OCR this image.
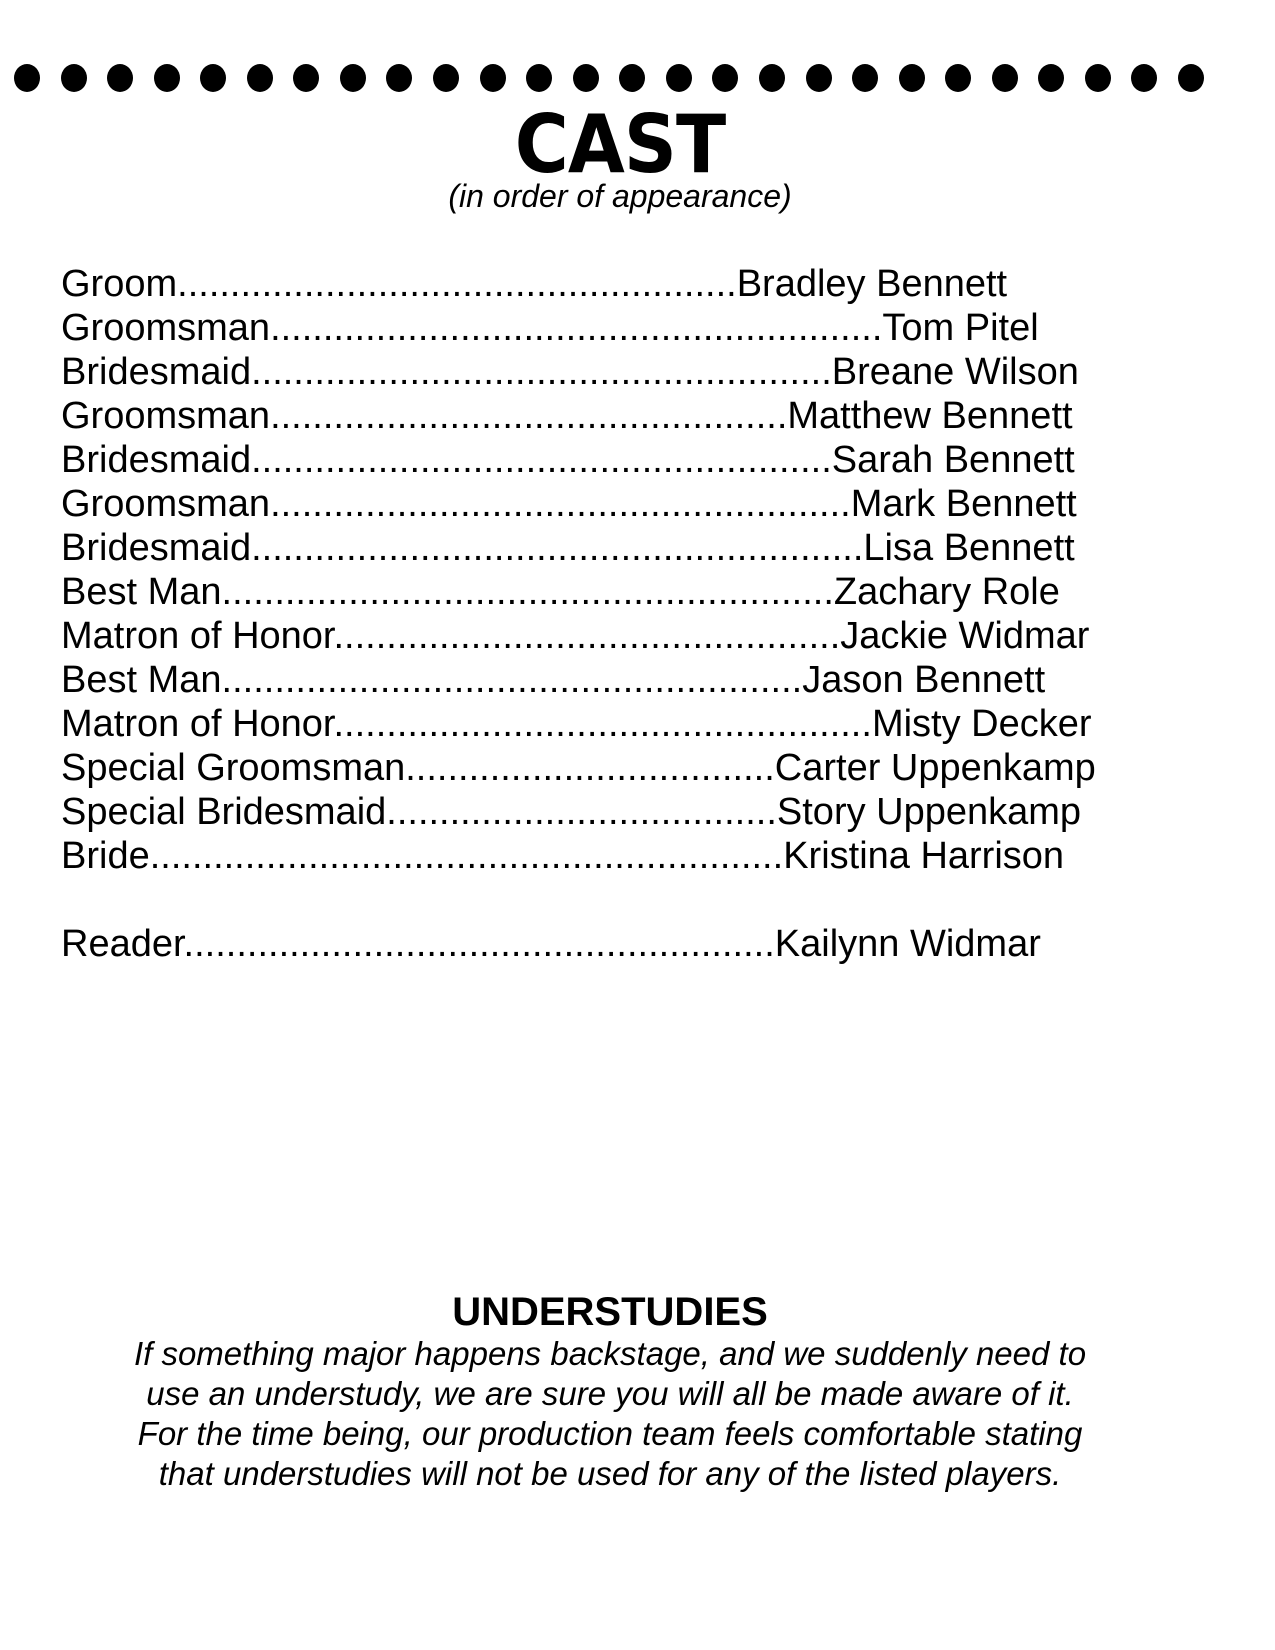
CAST
(in order of appearance)
Groom.....................................................Bradley Bennett
Groomsman..........................................................Tom Pitel
Bridesmaid.......................................................Breane Wilson
Groomsman.................................................Matthew Bennett
Bridesmaid.......................................................Sarah Bennett
Groomsman.......................................................Mark Bennett
Bridesmaid..........................................................Lisa Bennett
Best Man..........................................................Zachary Role
Matron of Honor................................................Jackie Widmar
Best Man.......................................................Jason Bennett
Matron of Honor...................................................Misty Decker
Special Groomsman...................................Carter Uppenkamp
Special Bridesmaid.....................................Story Uppenkamp
Bride............................................................Kristina Harrison
Reader........................................................Kailynn Widmar
UNDERSTUDIES
If something major happens backstage, and we suddenly need to
use an understudy, we are sure you will all be made aware of it.
For the time being, our production team feels comfortable stating
that understudies will not be used for any of the listed players.
